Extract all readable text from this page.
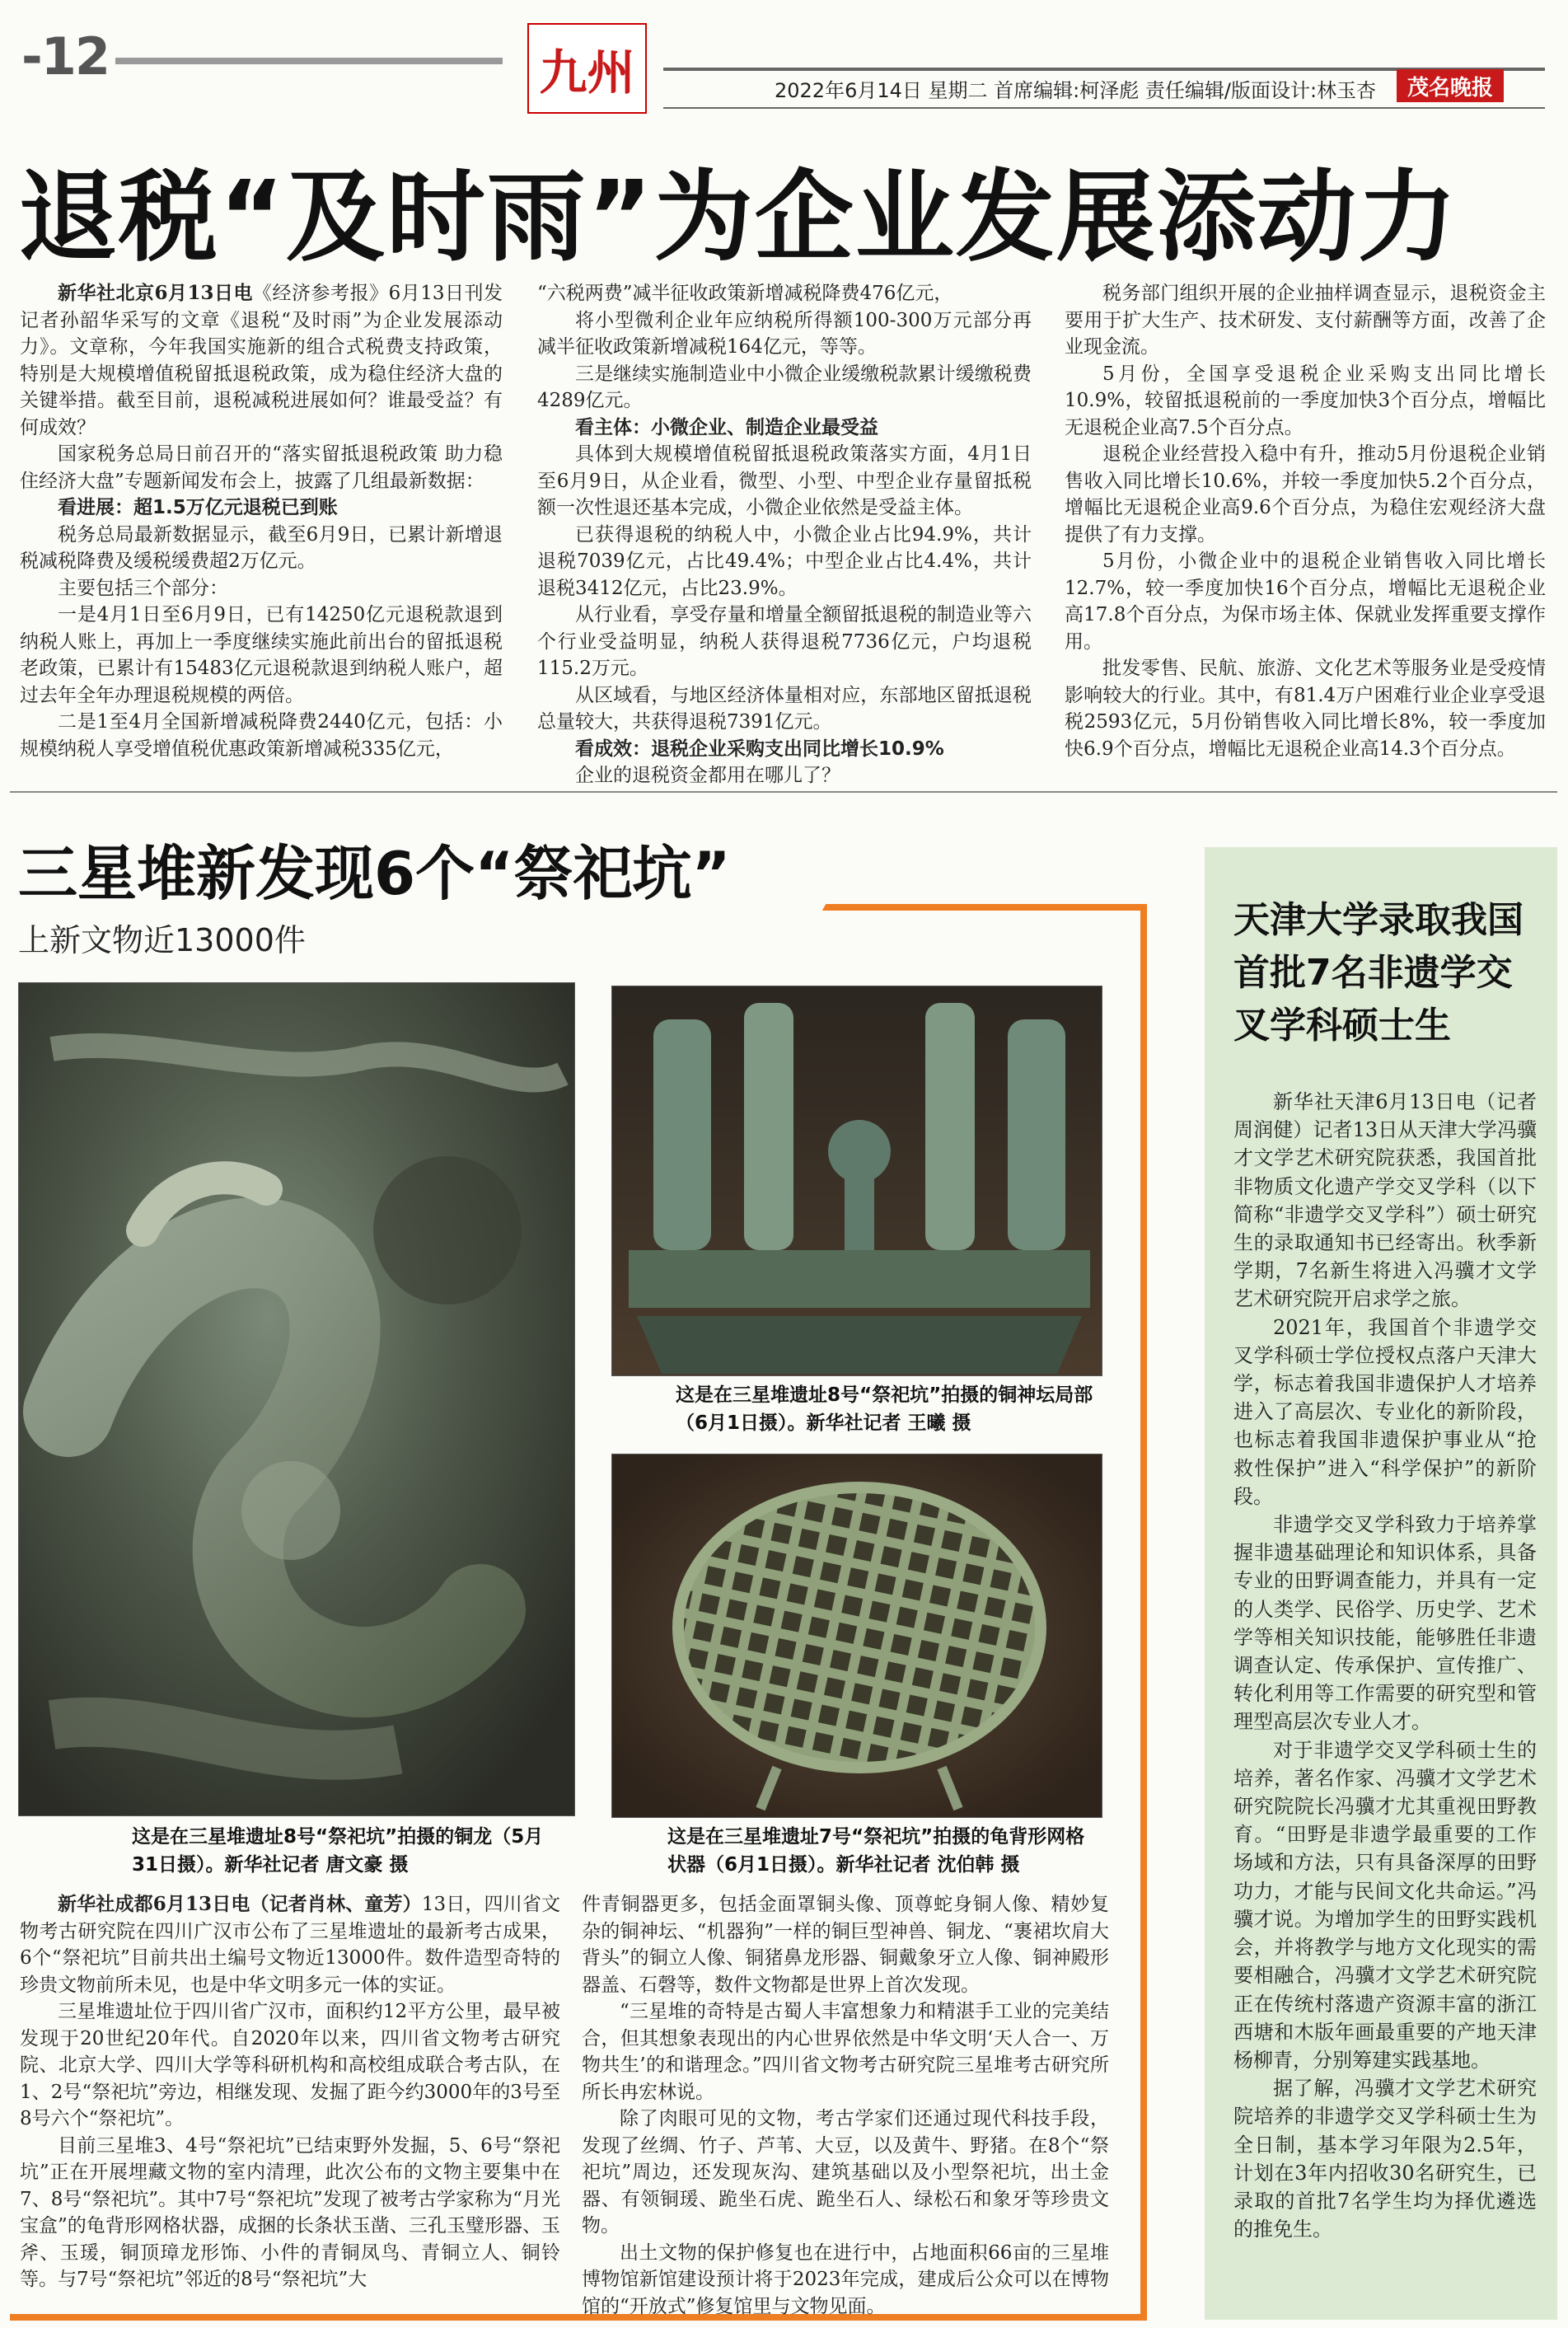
-12	九州	2022年6月14日 星期二 首席编辑:柯泽彪 责任编辑/版面设计:林玉杏	茂名晚报
退税“及时雨”为企业发展添动力

新华社北京6月13日电《经济参考报》6月13日刊发记者孙韶华采写的文章《退税“及时雨”为企业发展添动力》。文章称，今年我国实施新的组合式税费支持政策，特别是大规模增值税留抵退税政策，成为稳住经济大盘的关键举措。截至目前，退税减税进展如何？谁最受益？有何成效？

国家税务总局日前召开的“落实留抵退税政策 助力稳住经济大盘”专题新闻发布会上，披露了几组最新数据：

看进展：超1.5万亿元退税已到账

税务总局最新数据显示，截至6月9日，已累计新增退税减税降费及缓税缓费超2万亿元。

主要包括三个部分：

一是4月1日至6月9日，已有14250亿元退税款退到纳税人账上，再加上一季度继续实施此前出台的留抵退税老政策，已累计有15483亿元退税款退到纳税人账户，超过去年全年办理退税规模的两倍。

二是1至4月全国新增减税降费2440亿元，包括：小规模纳税人享受增值税优惠政策新增减税335亿元，

“六税两费”减半征收政策新增减税降费476亿元，

将小型微利企业年应纳税所得额100-300万元部分再减半征收政策新增减税164亿元，等等。

三是继续实施制造业中小微企业缓缴税款累计缓缴税费4289亿元。

看主体：小微企业、制造企业最受益

具体到大规模增值税留抵退税政策落实方面，4月1日至6月9日，从企业看，微型、小型、中型企业存量留抵税额一次性退还基本完成，小微企业依然是受益主体。

已获得退税的纳税人中，小微企业占比94.9%，共计退税7039亿元，占比49.4%；中型企业占比4.4%，共计退税3412亿元，占比23.9%。

从行业看，享受存量和增量全额留抵退税的制造业等六个行业受益明显，纳税人获得退税7736亿元，户均退税115.2万元。

从区域看，与地区经济体量相对应，东部地区留抵退税总量较大，共获得退税7391亿元。

看成效：退税企业采购支出同比增长10.9%

企业的退税资金都用在哪儿了？

税务部门组织开展的企业抽样调查显示，退税资金主要用于扩大生产、技术研发、支付薪酬等方面，改善了企业现金流。

5月份，全国享受退税企业采购支出同比增长10.9%，较留抵退税前的一季度加快3个百分点，增幅比无退税企业高7.5个百分点。

退税企业经营投入稳中有升，推动5月份退税企业销售收入同比增长10.6%，并较一季度加快5.2个百分点，增幅比无退税企业高9.6个百分点，为稳住宏观经济大盘提供了有力支撑。

5月份，小微企业中的退税企业销售收入同比增长12.7%，较一季度加快16个百分点，增幅比无退税企业高17.8个百分点，为保市场主体、保就业发挥重要支撑作用。

批发零售、民航、旅游、文化艺术等服务业是受疫情影响较大的行业。其中，有81.4万户困难行业企业享受退税2593亿元，5月份销售收入同比增长8%，较一季度加快6.9个百分点，增幅比无退税企业高14.3个百分点。

三星堆新发现6个“祭祀坑”
上新文物近13000件
这是在三星堆遗址8号“祭祀坑”拍摄的铜龙（5月31日摄）。新华社记者 唐文豪 摄
这是在三星堆遗址8号“祭祀坑”拍摄的铜神坛局部（6月1日摄）。新华社记者 王曦 摄
这是在三星堆遗址7号“祭祀坑”拍摄的龟背形网格状器（6月1日摄）。新华社记者 沈伯韩 摄

新华社成都6月13日电（记者肖林、童芳）13日，四川省文物考古研究院在四川广汉市公布了三星堆遗址的最新考古成果，6个“祭祀坑”目前共出土编号文物近13000件。数件造型奇特的珍贵文物前所未见，也是中华文明多元一体的实证。

三星堆遗址位于四川省广汉市，面积约12平方公里，最早被发现于20世纪20年代。自2020年以来，四川省文物考古研究院、北京大学、四川大学等科研机构和高校组成联合考古队，在1、2号“祭祀坑”旁边，相继发现、发掘了距今约3000年的3号至8号六个“祭祀坑”。

目前三星堆3、4号“祭祀坑”已结束野外发掘，5、6号“祭祀坑”正在开展埋藏文物的室内清理，此次公布的文物主要集中在7、8号“祭祀坑”。其中7号“祭祀坑”发现了被考古学家称为“月光宝盒”的龟背形网格状器，成捆的长条状玉凿、三孔玉璧形器、玉斧、玉瑗，铜顶璋龙形饰、小件的青铜凤鸟、青铜立人、铜铃等。与7号“祭祀坑”邻近的8号“祭祀坑”大

件青铜器更多，包括金面罩铜头像、顶尊蛇身铜人像、精妙复杂的铜神坛、“机器狗”一样的铜巨型神兽、铜龙、“裹裙坎肩大背头”的铜立人像、铜猪鼻龙形器、铜戴象牙立人像、铜神殿形器盖、石磬等，数件文物都是世界上首次发现。

“三星堆的奇特是古蜀人丰富想象力和精湛手工业的完美结合，但其想象表现出的内心世界依然是中华文明‘天人合一、万物共生’的和谐理念。”四川省文物考古研究院三星堆考古研究所所长冉宏林说。

除了肉眼可见的文物，考古学家们还通过现代科技手段，发现了丝绸、竹子、芦苇、大豆，以及黄牛、野猪。在8个“祭祀坑”周边，还发现灰沟、建筑基础以及小型祭祀坑，出土金器、有领铜瑗、跪坐石虎、跪坐石人、绿松石和象牙等珍贵文物。

出土文物的保护修复也在进行中，占地面积66亩的三星堆博物馆新馆建设预计将于2023年完成，建成后公众可以在博物馆的“开放式”修复馆里与文物见面。

天津大学录取我国首批7名非遗学交叉学科硕士生

新华社天津6月13日电（记者周润健）记者13日从天津大学冯骥才文学艺术研究院获悉，我国首批非物质文化遗产学交叉学科（以下简称“非遗学交叉学科”）硕士研究生的录取通知书已经寄出。秋季新学期，7名新生将进入冯骥才文学艺术研究院开启求学之旅。

2021年，我国首个非遗学交叉学科硕士学位授权点落户天津大学，标志着我国非遗保护人才培养进入了高层次、专业化的新阶段，也标志着我国非遗保护事业从“抢救性保护”进入“科学保护”的新阶段。

非遗学交叉学科致力于培养掌握非遗基础理论和知识体系，具备专业的田野调查能力，并具有一定的人类学、民俗学、历史学、艺术学等相关知识技能，能够胜任非遗调查认定、传承保护、宣传推广、转化利用等工作需要的研究型和管理型高层次专业人才。

对于非遗学交叉学科硕士生的培养，著名作家、冯骥才文学艺术研究院院长冯骥才尤其重视田野教育。“田野是非遗学最重要的工作场域和方法，只有具备深厚的田野功力，才能与民间文化共命运。”冯骥才说。为增加学生的田野实践机会，并将教学与地方文化现实的需要相融合，冯骥才文学艺术研究院正在传统村落遗产资源丰富的浙江西塘和木版年画最重要的产地天津杨柳青，分别筹建实践基地。

据了解，冯骥才文学艺术研究院培养的非遗学交叉学科硕士生为全日制，基本学习年限为2.5年，计划在3年内招收30名研究生，已录取的首批7名学生均为择优遴选的推免生。
